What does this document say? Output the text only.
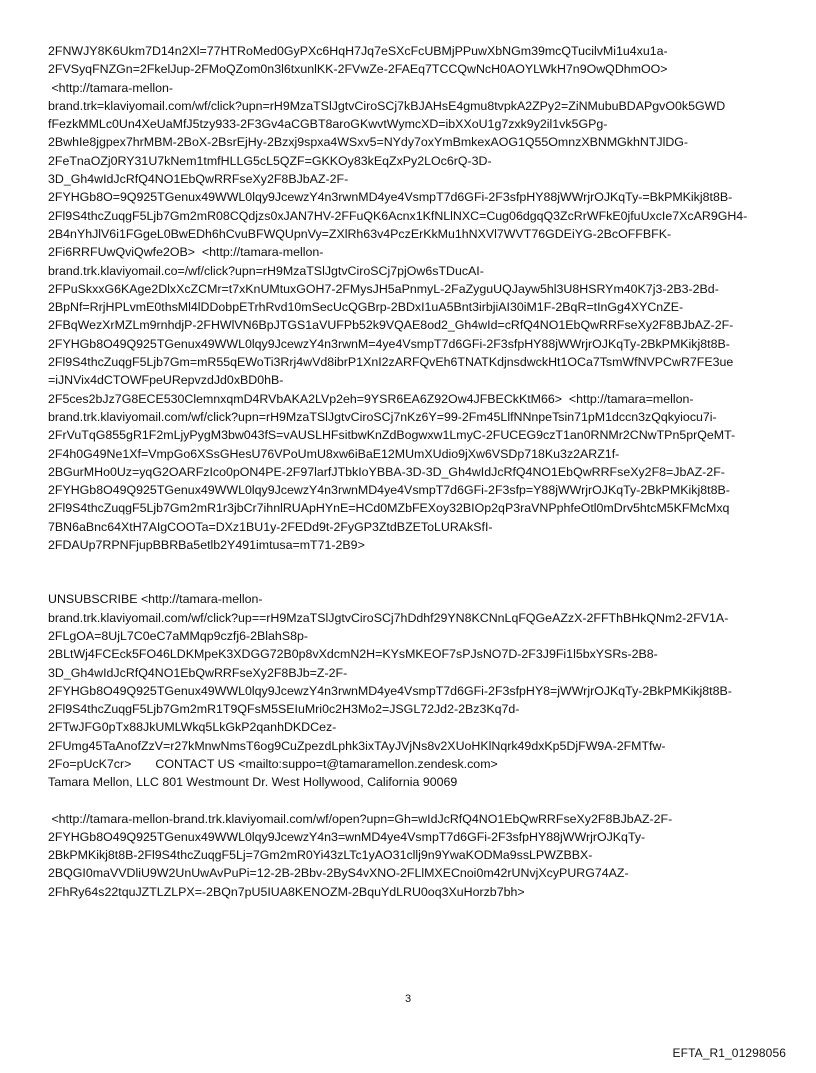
2FNWJY8K6Ukm7D14n2Xl=77HTRoMed0GyPXc6HqH7Jq7eSXcFcUBMjPPuwXbNGm39mcQTucilvMi1u4xu1a-
2FVSyqFNZGn=2FkelJup-2FMoQZom0n3l6txunlKK-2FVwZe-2FAEq7TCCQwNcH0AOYLWkH7n9OwQDhmOO>
<http://tamara-mellon-
brand.trk=klaviyomail.com/wf/click?upn=rH9MzaTSlJgtvCiroSCj7kBJAHsE4gmu8tvpkA2ZPy2=ZiNMubuBDAPgvO0k5GWD
fFezkMMLc0Un4XeUaMfJ5tzy933-2F3Gv4aCGBT8aroGKwvtWymcXD=ibXXoU1g7zxk9y2il1vk5GPg-
2BwhIe8jgpex7hrMBM-2BoX-2BsrEjHy-2Bzxj9spxa4WSxv5=NYdy7oxYmBmkexAOG1Q55OmnzXBNMGkhNTJlDG-
2FeTnaOZj0RY31U7kNem1tmfHLLG5cL5QZF=GKKOy83kEqZxPy2LOc6rQ-3D-
3D_Gh4wIdJcRfQ4NO1EbQwRRFseXy2F8BJbAZ-2F-
2FYHGb8O=9Q925TGenux49WWL0lqy9JcewzY4n3rwnMD4ye4VsmpT7d6GFi-2F3sfpHY88jWWrjrOJKqTy-=BkPMKikj8t8B-
2Fl9S4thcZuqgF5Ljb7Gm2mR08CQdjzs0xJAN7HV-2FFuQK6Acnx1KfNLlNXC=Cug06dgqQ3ZcRrWFkE0jfuUxcIe7XcAR9GH4-
2B4nYhJlV6i1FGgeL0BwEDh6hCvuBFWQUpnVy=ZXlRh63v4PczErKkMu1hNXVl7WVT76GDEiYG-2BcOFFBFK-
2Fi6RRFUwQviQwfe2OB>  <http://tamara-mellon-
brand.trk.klaviyomail.co=/wf/click?upn=rH9MzaTSlJgtvCiroSCj7pjOw6sTDucAI-
2FPuSkxxG6KAge2DlxXcZCMr=t7xKnUMtuxGOH7-2FMysJH5aPnmyL-2FaZyguUQJayw5hl3U8HSRYm40K7j3-2B3-2Bd-
2BpNf=RrjHPLvmE0thsMl4lDDobpETrhRvd10mSecUcQGBrp-2BDxI1uA5Bnt3irbjiAI30iM1F-2BqR=tInGg4XYCnZE-
2FBqWezXrMZLm9rnhdjP-2FHWlVN6BpJTGS1aVUFPb52k9VQAE8od2_Gh4wId=cRfQ4NO1EbQwRRFseXy2F8BJbAZ-2F-
2FYHGb8O49Q925TGenux49WWL0lqy9JcewzY4n3rwnM=4ye4VsmpT7d6GFi-2F3sfpHY88jWWrjrOJKqTy-2BkPMKikj8t8B-
2Fl9S4thcZuqgF5Ljb7Gm=mR55qEWoTi3Rrj4wVd8ibrP1XnI2zARFQvEh6TNATKdjnsdwckHt1OCa7TsmWfNVPCwR7FE3ue
=iJNVix4dCTOWFpeURepvzdJd0xBD0hB-
2F5ces2bJz7G8ECE530ClemnxqmD4RVbAKA2LVp2eh=9YSR6EA6Z92Ow4JFBECkKtM66>  <http://tamara=mellon-
brand.trk.klaviyomail.com/wf/click?upn=rH9MzaTSlJgtvCiroSCj7nKz6Y=99-2Fm45LlfNNnpeTsin71pM1dccn3zQqkyiocu7i-
2FrVuTqG855gR1F2mLjyPygM3bw043fS=vAUSLHFsitbwKnZdBogwxw1LmyC-2FUCEG9czT1an0RNMr2CNwTPn5prQeMT-
2F4h0G49Ne1Xf=VmpGo6XSsGHesU76VPoUmU8xw6iBaE12MUmXUdio9jXw6VSDp718Ku3z2ARZ1f-
2BGurMHo0Uz=yqG2OARFzIco0pON4PE-2F97larfJTbkIoYBBA-3D-3D_Gh4wIdJcRfQ4NO1EbQwRRFseXy2F8=JbAZ-2F-
2FYHGb8O49Q925TGenux49WWL0lqy9JcewzY4n3rwnMD4ye4VsmpT7d6GFi-2F3sfp=Y88jWWrjrOJKqTy-2BkPMKikj8t8B-
2Fl9S4thcZuqgF5Ljb7Gm2mR1r3jbCr7ihnlRUApHYnE=HCd0MZbFEXoy32BIOp2qP3raVNPphfeOtl0mDrv5htcM5KFMcMxq
7BN6aBnc64XtH7AIgCOOTa=DXz1BU1y-2FEDd9t-2FyGP3ZtdBZEToLURAkSfI-
2FDAUp7RPNFjupBBRBa5etlb2Y491imtusa=mT71-2B9>
UNSUBSCRIBE <http://tamara-mellon-
brand.trk.klaviyomail.com/wf/click?up==rH9MzaTSlJgtvCiroSCj7hDdhf29YN8KCNnLqFQGeAZzX-2FFThBHkQNm2-2FV1A-
2FLgOA=8UjL7C0eC7aMMqp9czfj6-2BlahS8p-
2BLtWj4FCEck5FO46LDKMpeK3XDGG72B0p8vXdcmN2H=KYsMKEOF7sPJsNO7D-2F3J9Fi1l5bxYSRs-2B8-
3D_Gh4wIdJcRfQ4NO1EbQwRRFseXy2F8BJb=Z-2F-
2FYHGb8O49Q925TGenux49WWL0lqy9JcewzY4n3rwnMD4ye4VsmpT7d6GFi-2F3sfpHY8=jWWrjrOJKqTy-2BkPMKikj8t8B-
2Fl9S4thcZuqgF5Ljb7Gm2mR1T9QFsM5SEIuMri0c2H3Mo2=JSGL72Jd2-2Bz3Kq7d-
2FTwJFG0pTx88JkUMLWkq5LkGkP2qanhDKDCez-
2FUmg45TaAnofZzV=r27kMnwNmsT6og9CuZpezdLphk3ixTAyJVjNs8v2XUoHKlNqrk49dxKp5DjFW9A-2FMTfw-
2Fo=pUcK7cr>       CONTACT US <mailto:suppo=t@tamaramellon.zendesk.com>
Tamara Mellon, LLC 801 Westmount Dr. West Hollywood, California 90069
<http://tamara-mellon-brand.trk.klaviyomail.com/wf/open?upn=Gh=wIdJcRfQ4NO1EbQwRRFseXy2F8BJbAZ-2F-
2FYHGb8O49Q925TGenux49WWL0lqy9JcewzY4n3=wnMD4ye4VsmpT7d6GFi-2F3sfpHY88jWWrjrOJKqTy-
2BkPMKikj8t8B-2Fl9S4thcZuqgF5Lj=7Gm2mR0Yi43zLTc1yAO31cllj9n9YwaKODMa9ssLPWZBBX-
2BQGI0maVVDliU9W2UnUwAvPuPi=12-2B-2Bbv-2ByS4vXNO-2FLlMXECnoi0m42rUNvjXcyPURG74AZ-
2FhRy64s22tquJZTLZLPX=-2BQn7pU5IUA8KENOZM-2BquYdLRU0oq3XuHorzb7bh>
3
EFTA_R1_01298056
